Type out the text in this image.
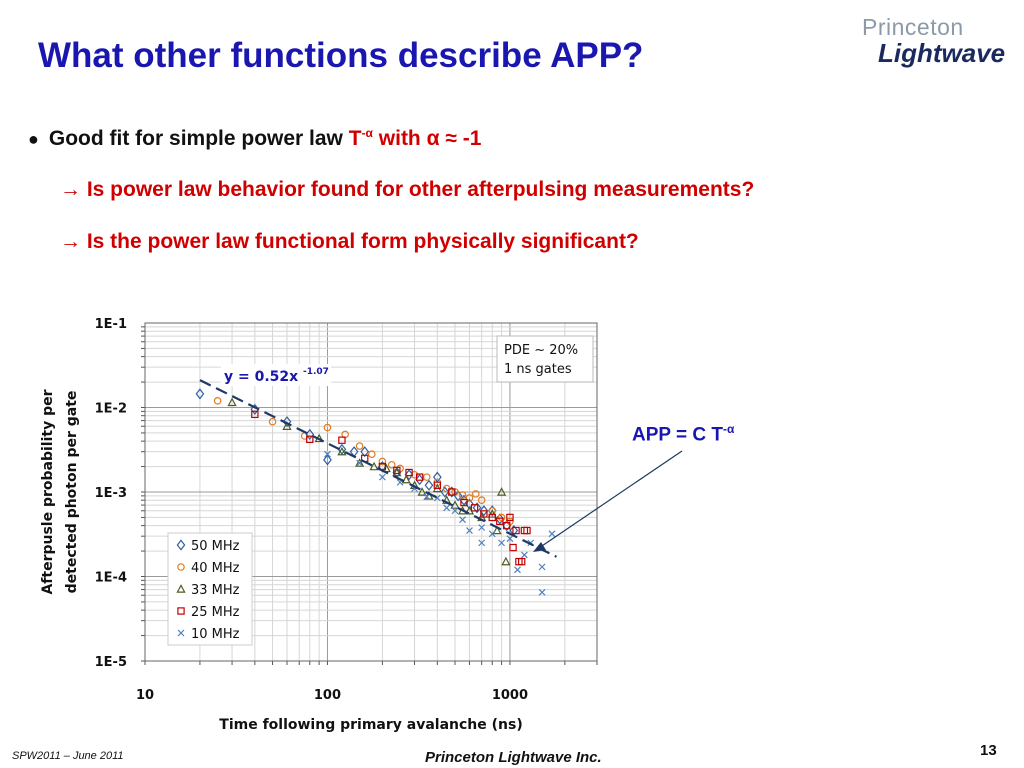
What other functions describe APP?
Princeton
Lightwave
● Good fit for simple power law $T^{-\alpha}$ with α ≈ -1
→ Is power law behavior found for other afterpulsing measurements?
→ Is the power law functional form physically significant?
10	100	1000
1E-1
1E-2
1E-3
1E-4
1E-5
Time following primary avalanche (ns)
Afterpusle probability per detected photon per gate
y = 0.52x -1.07
PDE ~ 20%
1 ns gates
50 MHz
40 MHz
33 MHz
25 MHz
10 MHz
APP = C $T^{-\alpha}$
SPW2011 – June 2011	Princeton Lightwave Inc.	13
